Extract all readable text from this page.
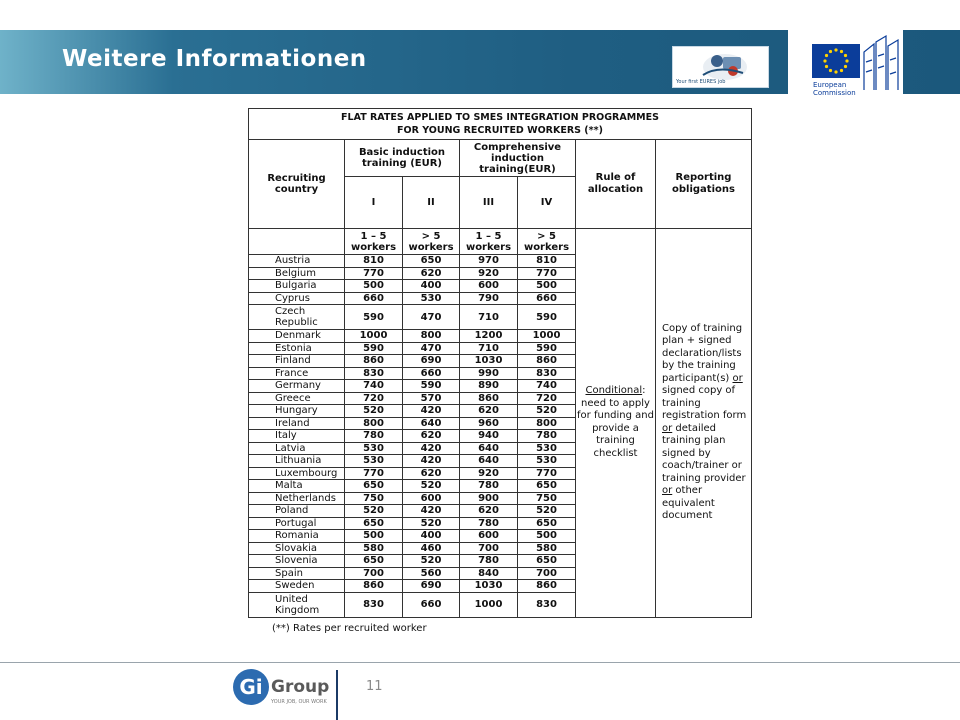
Weitere Informationen
Your first EURES job	European
Commission
FLAT RATES APPLIED TO SMES INTEGRATION PROGRAMMES
FOR YOUNG RECRUITED WORKERS (**)						

Recruiting country	Basic induction training (EUR)		Comprehensive induction training(EUR)		Rule of allocation	Reporting obligations
	I	II	III	IV		
	1 – 5 workers	> 5 workers	1 – 5 workers	> 5 workers	Conditional: need to apply for funding and provide a training checklist	Copy of training plan + signed declaration/lists by the training participant(s) or signed copy of training registration form or detailed training plan signed by coach/trainer or training provider or other equivalent document
Austria	810	650	970	810		
Belgium	770	620	920	770		
Bulgaria	500	400	600	500		
Cyprus	660	530	790	660		
Czech Republic	590	470	710	590		
Denmark	1000	800	1200	1000		
Estonia	590	470	710	590		
Finland	860	690	1030	860		
France	830	660	990	830		
Germany	740	590	890	740		
Greece	720	570	860	720		
Hungary	520	420	620	520		
Ireland	800	640	960	800		
Italy	780	620	940	780		
Latvia	530	420	640	530		
Lithuania	530	420	640	530		
Luxembourg	770	620	920	770		
Malta	650	520	780	650		
Netherlands	750	600	900	750		
Poland	520	420	620	520		
Portugal	650	520	780	650		
Romania	500	400	600	500		
Slovakia	580	460	700	580		
Slovenia	650	520	780	650		
Spain	700	560	840	700		
Sweden	860	690	1030	860		
United Kingdom	830	660	1000	830		
(**) Rates per recruited worker
Gi Group
YOUR JOB, OUR WORK
11
